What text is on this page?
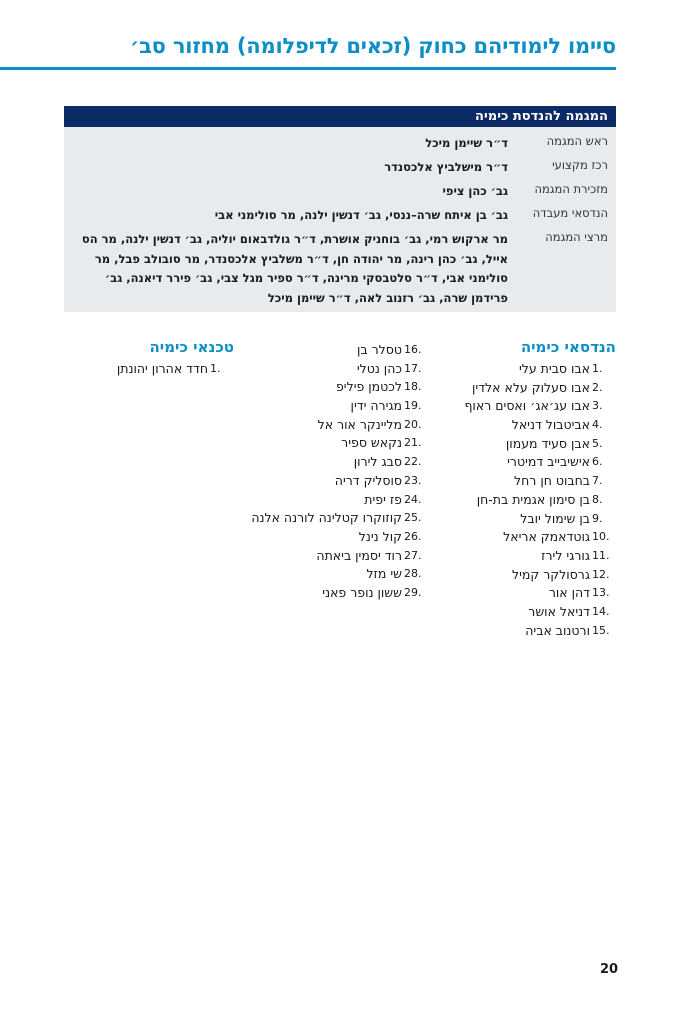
סיימו לימודיהם כחוק (זכאים לדיפלומה) מחזור סב׳
המגמה להנדסת כימיה
ראש המגמה
ד״ר שיימן מיכל
רכז מקצועי
ד״ר מישלביץ אלכסנדר
מזכירת המגמה
גב׳ כהן ציפי
הנדסאי מעבדה
גב׳ בן איתח שרה–ננסי, גב׳ דנשין ילנה, מר סולימני אבי
מרצי המגמה
מר ארקוש רמי, גב׳ בוחניק אושרת, ד״ר גולדבאום יוליה, גב׳ דנשין ילנה, מר הס אייל, גב׳ כהן רינה, מר יהודה חן, ד״ר משלביץ אלכסנדר, מר סובולב פבל, מר סולימני אבי, ד״ר סלטבסקי מרינה, ד״ר ספיר מגל צבי, גב׳ פירר דיאנה, גב׳ פרידמן שרה, גב׳ רזנוב לאה, ד״ר שיימן מיכל
הנדסאי כימיה
1.
אבו סבית עלי
2.
אבו סעלוק עלא אלדין
3.
אבו עג׳אג׳ ואסים ראוף
4.
אביטבול דניאל
5.
אבן סעיד מעמון
6.
אישיבייב דמיטרי
7.
בחבוט חן רחל
8.
בן סימון אגמית בת-חן
9.
בן שימול יובל
10.
גוטדאמק אריאל
11.
גורגי לירז
12.
גרסולקר קמיל
13.
דהן אור
14.
דניאל אושר
15.
ורטנוב אביה
16.
טסלר בן
17.
כהן נטלי
18.
לכטמן פיליפ
19.
מגירה ידין
20.
מליינקר אור אל
21.
נקאש ספיר
22.
סבג לירון
23.
סוסליק דריה
24.
פז יפית
25.
קוזוקרו קטלינה לורנה אלנה
26.
קול נינל
27.
רוד יסמין ביאתה
28.
שי מזל
29.
ששון נופר פאני
טכנאי כימיה
1.
חדד אהרון יהונתן
20
